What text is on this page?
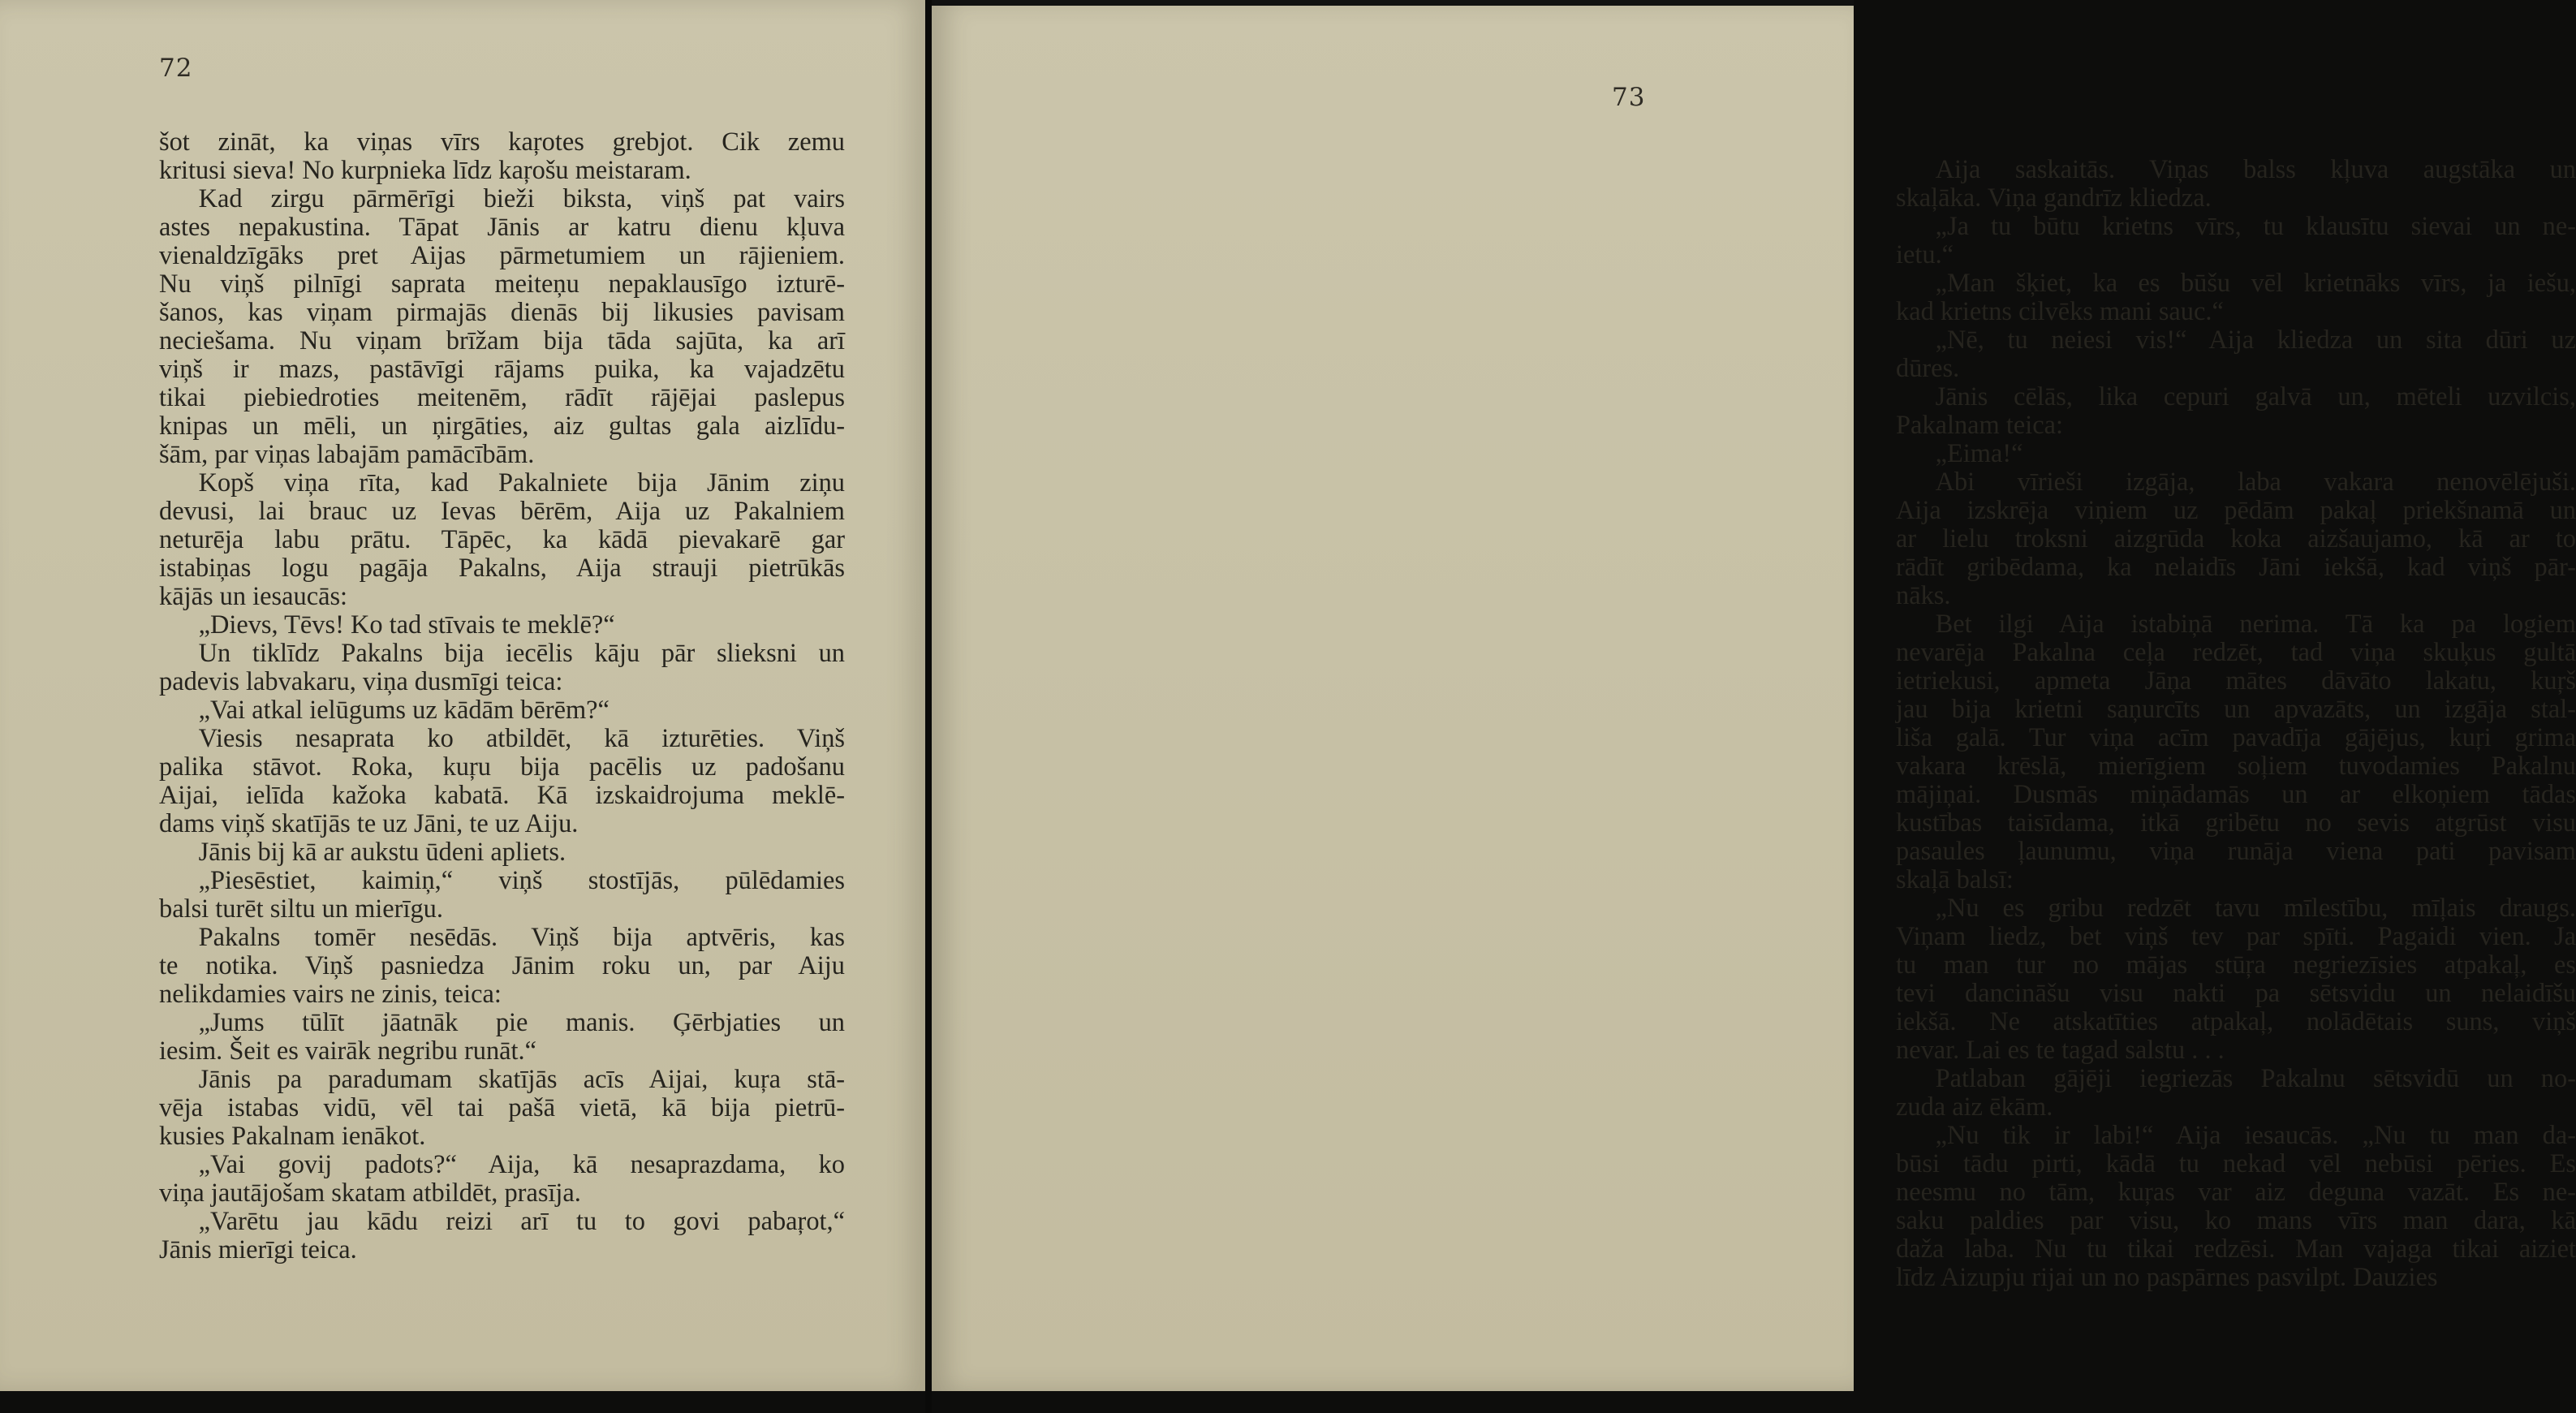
72
šot zināt, ka viņas vīrs kaŗotes grebjot. Cik zemu
kritusi sieva! No kurpnieka līdz kaŗošu meistaram.
  Kad zirgu pārmērīgi bieži biksta, viņš pat vairs
astes nepakustina. Tāpat Jānis ar katru dienu kļuva
vienaldzīgāks pret Aijas pārmetumiem un rājieniem.
Nu viņš pilnīgi saprata meiteņu nepaklausīgo izturē-
šanos, kas viņam pirmajās dienās bij likusies pavisam
neciešama. Nu viņam brīžam bija tāda sajūta, ka arī
viņš ir mazs, pastāvīgi rājams puika, ka vajadzētu
tikai piebiedroties meitenēm, rādīt rājējai paslepus
knipas un mēli, un ņirgāties, aiz gultas gala aizlīdu-
šām, par viņas labajām pamācībām.
  Kopš viņa rīta, kad Pakalniete bija Jānim ziņu
devusi, lai brauc uz Ievas bērēm, Aija uz Pakalniem
neturēja labu prātu. Tāpēc, ka kādā pievakarē gar
istabiņas logu pagāja Pakalns, Aija strauji pietrūkās
kājās un iesaucās:
  „Dievs, Tēvs! Ko tad stīvais te meklē?“
  Un tiklīdz Pakalns bija iecēlis kāju pār slieksni un
padevis labvakaru, viņa dusmīgi teica:
  „Vai atkal ielūgums uz kādām bērēm?“
  Viesis nesaprata ko atbildēt, kā izturēties. Viņš
palika stāvot. Roka, kuŗu bija pacēlis uz padošanu
Aijai, ielīda kažoka kabatā. Kā izskaidrojuma meklē-
dams viņš skatījās te uz Jāni, te uz Aiju.
  Jānis bij kā ar aukstu ūdeni apliets.
  „Piesēstiet, kaimiņ,“ viņš stostījās, pūlēdamies
balsi turēt siltu un mierīgu.
  Pakalns tomēr nesēdās. Viņš bija aptvēris, kas
te notika. Viņš pasniedza Jānim roku un, par Aiju
nelikdamies vairs ne zinis, teica:
  „Jums tūlīt jāatnāk pie manis. Ģērbjaties un
iesim. Šeit es vairāk negribu runāt.“
  Jānis pa paradumam skatījās acīs Aijai, kuŗa stā-
vēja istabas vidū, vēl tai pašā vietā, kā bija pietrū-
kusies Pakalnam ienākot.
  „Vai govij padots?“ Aija, kā nesaprazdama, ko
viņa jautājošam skatam atbildēt, prasīja.
  „Varētu jau kādu reizi arī tu to govi pabaŗot,“
Jānis mierīgi teica.
73
  Aija saskaitās. Viņas balss kļuva augstāka un
skaļāka. Viņa gandrīz kliedza.
  „Ja tu būtu krietns vīrs, tu klausītu sievai un ne-
ietu.“
  „Man šķiet, ka es būšu vēl krietnāks vīrs, ja iešu,
kad krietns cilvēks mani sauc.“
  „Nē, tu neiesi vis!“ Aija kliedza un sita dūri uz
dūres.
  Jānis cēlās, lika cepuri galvā un, mēteli uzvilcis,
Pakalnam teica:
  „Eima!“
  Abi vīrieši izgāja, laba vakara nenovēlējuši.
Aija izskrēja viņiem uz pēdām pakaļ priekšnamā un
ar lielu troksni aizgrūda koka aizšaujamo, kā ar to
rādīt gribēdama, ka nelaidīs Jāni iekšā, kad viņš pār-
nāks.
  Bet ilgi Aija istabiņā nerima. Tā ka pa logiem
nevarēja Pakalna ceļa redzēt, tad viņa skuķus gultā
ietriekusi, apmeta Jāņa mātes dāvāto lakatu, kuŗš
jau bija krietni saņurcīts un apvazāts, un izgāja stal-
liša galā. Tur viņa acīm pavadīja gājējus, kuŗi grima
vakara krēslā, mierīgiem soļiem tuvodamies Pakalnu
mājiņai. Dusmās miņādamās un ar elkoņiem tādas
kustības taisīdama, itkā gribētu no sevis atgrūst visu
pasaules ļaunumu, viņa runāja viena pati pavisam
skaļā balsī:
  „Nu es gribu redzēt tavu mīlestību, mīļais draugs.
Viņam liedz, bet viņš tev par spīti. Pagaidi vien. Ja
tu man tur no mājas stūŗa negriezīsies atpakaļ, es
tevi dancināšu visu nakti pa sētsvidu un nelaidīšu
iekšā. Ne atskatīties atpakaļ, nolādētais suns, viņš
nevar. Lai es te tagad salstu . . .
  Patlaban gājēji iegriezās Pakalnu sētsvidū un no-
zuda aiz ēkām.
  „Nu tik ir labi!“ Aija iesaucās. „Nu tu man da-
būsi tādu pirti, kādā tu nekad vēl nebūsi pēries. Es
neesmu no tām, kuŗas var aiz deguna vazāt. Es ne-
saku paldies par visu, ko mans vīrs man dara, kā
daža laba. Nu tu tikai redzēsi. Man vajaga tikai aiziet
līdz Aizupju rijai un no paspārnes pasvilpt. Dauzies
